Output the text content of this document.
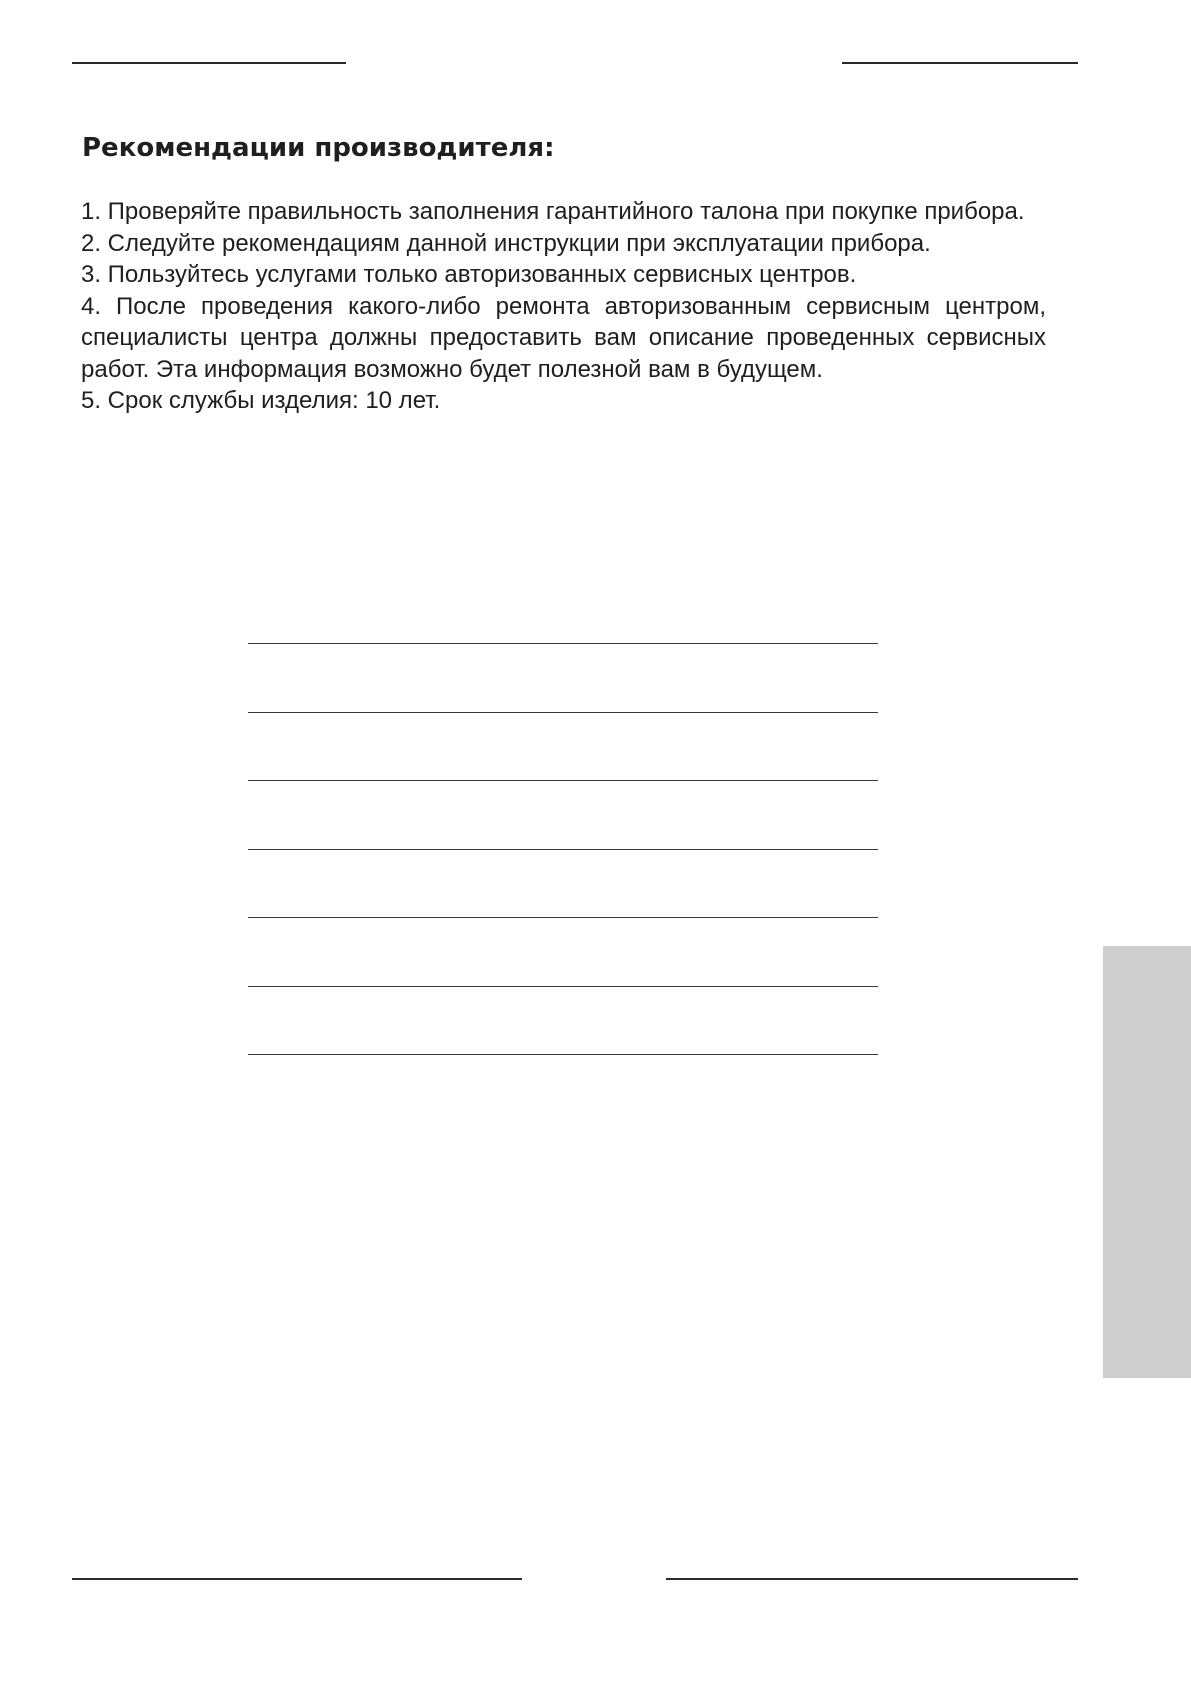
Рекомендации производителя:

1. Проверяйте правильность заполнения гарантийного талона при покупке прибора.

2. Следуйте рекомендациям данной инструкции при эксплуатации прибора.

3. Пользуйтесь услугами только авторизованных сервисных центров.

4. После проведения какого-либо ремонта авторизованным сервисным центром, специалисты центра должны предоставить вам описание проведенных сервисных работ. Эта информация возможно будет полезной вам в будущем.

5. Срок службы изделия: 10 лет.
